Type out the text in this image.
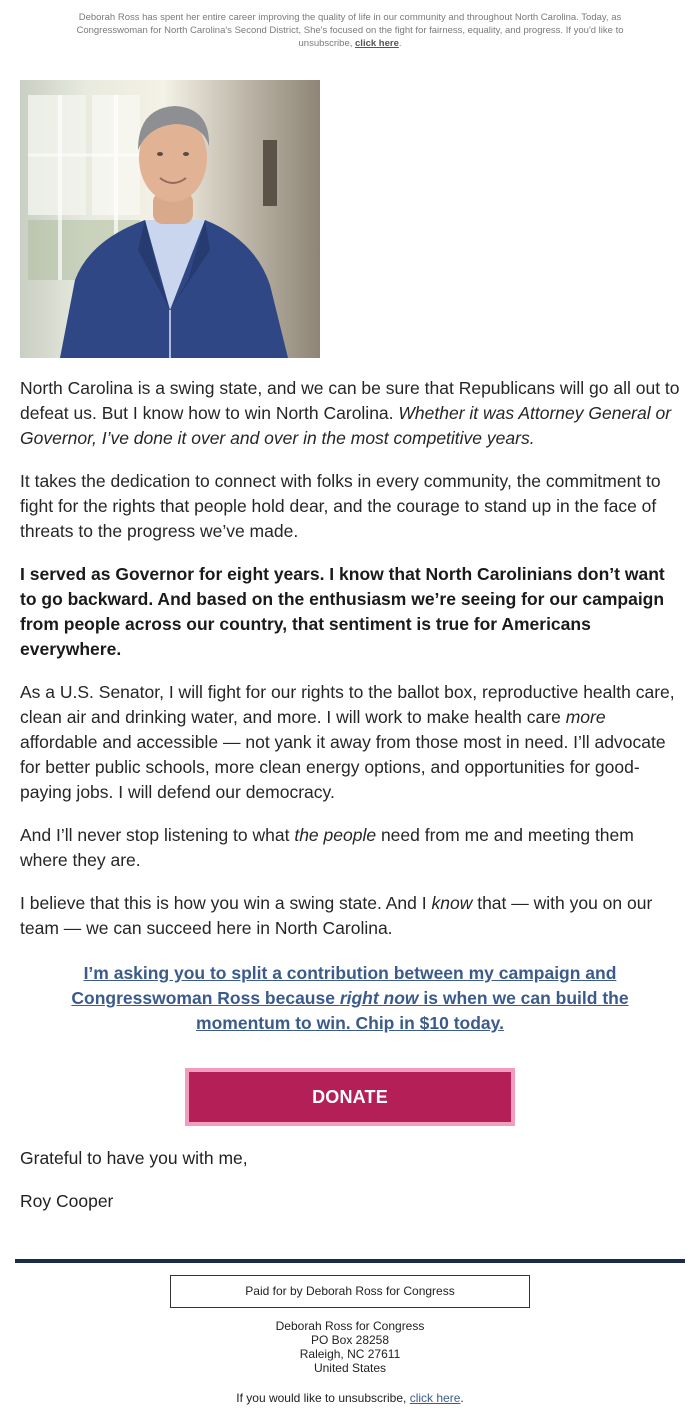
Deborah Ross has spent her entire career improving the quality of life in our community and throughout North Carolina. Today, as Congresswoman for North Carolina's Second District, She's focused on the fight for fairness, equality, and progress. If you'd like to unsubscribe, click here.

North Carolina is a swing state, and we can be sure that Republicans will go all out to defeat us. But I know how to win North Carolina. Whether it was Attorney General or Governor, I’ve done it over and over in the most competitive years.

It takes the dedication to connect with folks in every community, the commitment to fight for the rights that people hold dear, and the courage to stand up in the face of threats to the progress we’ve made.

I served as Governor for eight years. I know that North Carolinians don’t want to go backward. And based on the enthusiasm we’re seeing for our campaign from people across our country, that sentiment is true for Americans everywhere.

As a U.S. Senator, I will fight for our rights to the ballot box, reproductive health care, clean air and drinking water, and more. I will work to make health care more affordable and accessible — not yank it away from those most in need. I’ll advocate for better public schools, more clean energy options, and opportunities for good-paying jobs. I will defend our democracy.

And I’ll never stop listening to what the people need from me and meeting them where they are.

I believe that this is how you win a swing state. And I know that — with you on our team — we can succeed here in North Carolina.

I’m asking you to split a contribution between my campaign and Congresswoman Ross because right now is when we can build the momentum to win. Chip in $10 today.
DONATE
Grateful to have you with me,
Roy Cooper
Paid for by Deborah Ross for Congress
Deborah Ross for Congress
PO Box 28258
Raleigh, NC 27611
United States
If you would like to unsubscribe, click here.
